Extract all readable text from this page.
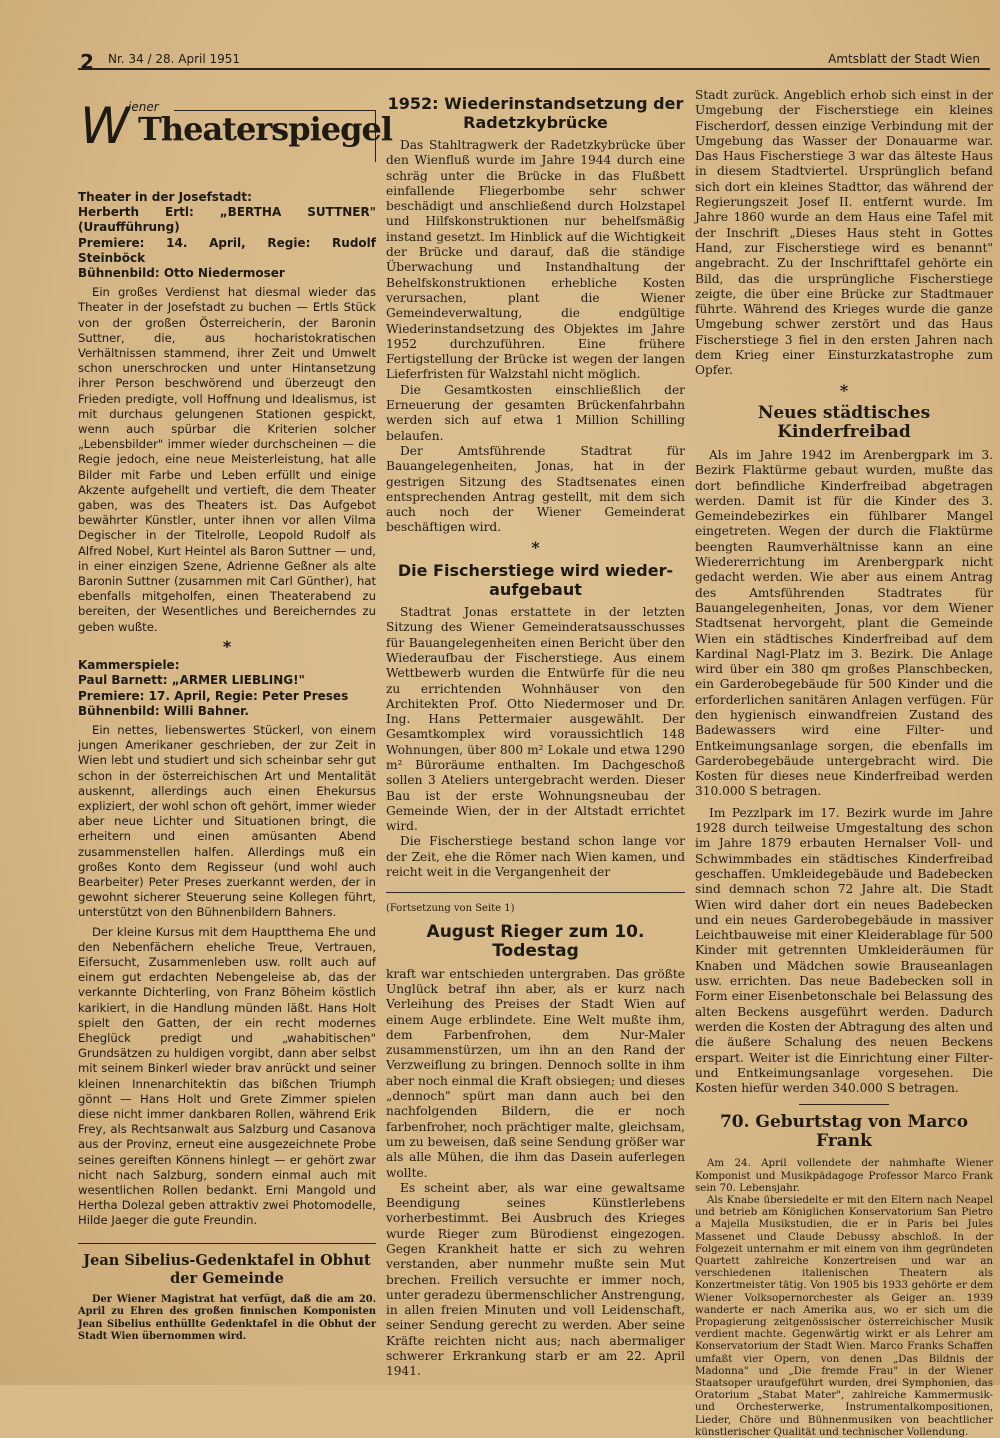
2 Nr. 34 / 28. April 1951	Amtsblatt der Stadt Wien
W
iener
Theaterspiegel

Theater in der Josefstadt:

Herberth Ertl: „BERTHA SUTTNER" (Uraufführung)

Premiere: 14. April, Regie: Rudolf Steinböck

Bühnenbild: Otto Niedermoser

Ein großes Verdienst hat diesmal wieder das Theater in der Josefstadt zu buchen — Ertls Stück von der großen Österreicherin, der Baronin Suttner, die, aus hocharistokratischen Verhältnissen stammend, ihrer Zeit und Umwelt schon unerschrocken und unter Hintansetzung ihrer Person beschwörend und überzeugt den Frieden predigte, voll Hoffnung und Idealismus, ist mit durchaus gelungenen Stationen gespickt, wenn auch spürbar die Kriterien solcher „Lebensbilder" immer wieder durchscheinen — die Regie jedoch, eine neue Meisterleistung, hat alle Bilder mit Farbe und Leben erfüllt und einige Akzente aufgehellt und vertieft, die dem Theater gaben, was des Theaters ist. Das Aufgebot bewährter Künstler, unter ihnen vor allen Vilma Degischer in der Titelrolle, Leopold Rudolf als Alfred Nobel, Kurt Heintel als Baron Suttner — und, in einer einzigen Szene, Adrienne Geßner als alte Baronin Suttner (zusammen mit Carl Günther), hat ebenfalls mitgeholfen, einen Theaterabend zu bereiten, der Wesentliches und Bereicherndes zu geben wußte.

*

Kammerspiele:

Paul Barnett: „ARMER LIEBLING!"

Premiere: 17. April, Regie: Peter Preses

Bühnenbild: Willi Bahner.

Ein nettes, liebenswertes Stückerl, von einem jungen Amerikaner geschrieben, der zur Zeit in Wien lebt und studiert und sich scheinbar sehr gut schon in der österreichischen Art und Mentalität auskennt, allerdings auch einen Ehekursus expliziert, der wohl schon oft gehört, immer wieder aber neue Lichter und Situationen bringt, die erheitern und einen amüsanten Abend zusammenstellen halfen. Allerdings muß ein großes Konto dem Regisseur (und wohl auch Bearbeiter) Peter Preses zuerkannt werden, der in gewohnt sicherer Steuerung seine Kollegen führt, unterstützt von den Bühnenbildern Bahners.

Der kleine Kursus mit dem Hauptthema Ehe und den Nebenfächern eheliche Treue, Vertrauen, Eifersucht, Zusammenleben usw. rollt auch auf einem gut erdachten Nebengeleise ab, das der verkannte Dichterling, von Franz Böheim köstlich karikiert, in die Handlung münden läßt. Hans Holt spielt den Gatten, der ein recht modernes Eheglück predigt und „wahabitischen" Grundsätzen zu huldigen vorgibt, dann aber selbst mit seinem Binkerl wieder brav anrückt und seiner kleinen Innenarchitektin das bißchen Triumph gönnt — Hans Holt und Grete Zimmer spielen diese nicht immer dankbaren Rollen, während Erik Frey, als Rechtsanwalt aus Salzburg und Casanova aus der Provinz, erneut eine ausgezeichnete Probe seines gereiften Könnens hinlegt — er gehört zwar nicht nach Salzburg, sondern einmal auch mit wesentlichen Rollen bedankt. Erni Mangold und Hertha Dolezal geben attraktiv zwei Photomodelle, Hilde Jaeger die gute Freundin.

Jean Sibelius-Gedenktafel in Obhut der Gemeinde

Der Wiener Magistrat hat verfügt, daß die am 20. April zu Ehren des großen finnischen Komponisten Jean Sibelius enthüllte Gedenktafel in die Obhut der Stadt Wien übernommen wird.

1952: Wiederinstandsetzung der Radetzkybrücke

Das Stahltragwerk der Radetzkybrücke über den Wienfluß wurde im Jahre 1944 durch eine schräg unter die Brücke in das Flußbett einfallende Fliegerbombe sehr schwer beschädigt und anschließend durch Holzstapel und Hilfskonstruktionen nur behelfsmäßig instand gesetzt. Im Hinblick auf die Wichtigkeit der Brücke und darauf, daß die ständige Überwachung und Instandhaltung der Behelfskonstruktionen erhebliche Kosten verursachen, plant die Wiener Gemeindeverwaltung, die endgültige Wiederinstandsetzung des Objektes im Jahre 1952 durchzuführen. Eine frühere Fertigstellung der Brücke ist wegen der langen Lieferfristen für Walzstahl nicht möglich.

Die Gesamtkosten einschließlich der Erneuerung der gesamten Brückenfahrbahn werden sich auf etwa 1 Million Schilling belaufen.

Der Amtsführende Stadtrat für Bauangelegenheiten, Jonas, hat in der gestrigen Sitzung des Stadtsenates einen entsprechenden Antrag gestellt, mit dem sich auch noch der Wiener Gemeinderat beschäftigen wird.

*
Die Fischerstiege wird wiederaufgebaut

Stadtrat Jonas erstattete in der letzten Sitzung des Wiener Gemeinderatsausschusses für Bauangelegenheiten einen Bericht über den Wiederaufbau der Fischerstiege. Aus einem Wettbewerb wurden die Entwürfe für die neu zu errichtenden Wohnhäuser von den Architekten Prof. Otto Niedermoser und Dr. Ing. Hans Pettermaier ausgewählt. Der Gesamtkomplex wird voraussichtlich 148 Wohnungen, über 800 m² Lokale und etwa 1290 m² Büroräume enthalten. Im Dachgeschoß sollen 3 Ateliers untergebracht werden. Dieser Bau ist der erste Wohnungsneubau der Gemeinde Wien, der in der Altstadt errichtet wird.

Die Fischerstiege bestand schon lange vor der Zeit, ehe die Römer nach Wien kamen, und reicht weit in die Vergangenheit der

(Fortsetzung von Seite 1)

August Rieger zum 10. Todestag

kraft war entschieden untergraben. Das größte Unglück betraf ihn aber, als er kurz nach Verleihung des Preises der Stadt Wien auf einem Auge erblindete. Eine Welt mußte ihm, dem Farbenfrohen, dem Nur-Maler zusammenstürzen, um ihn an den Rand der Verzweiflung zu bringen. Dennoch sollte in ihm aber noch einmal die Kraft obsiegen; und dieses „dennoch" spürt man dann auch bei den nachfolgenden Bildern, die er noch farbenfroher, noch prächtiger malte, gleichsam, um zu beweisen, daß seine Sendung größer war als alle Mühen, die ihm das Dasein auferlegen wollte.

Es scheint aber, als war eine gewaltsame Beendigung seines Künstlerlebens vorherbestimmt. Bei Ausbruch des Krieges wurde Rieger zum Bürodienst eingezogen. Gegen Krankheit hatte er sich zu wehren verstanden, aber nunmehr mußte sein Mut brechen. Freilich versuchte er immer noch, unter geradezu übermenschlicher Anstrengung, in allen freien Minuten und voll Leidenschaft, seiner Sendung gerecht zu werden. Aber seine Kräfte reichten nicht aus; nach abermaliger schwerer Erkrankung starb er am 22. April 1941.

Stadt zurück. Angeblich erhob sich einst in der Umgebung der Fischerstiege ein kleines Fischerdorf, dessen einzige Verbindung mit der Umgebung das Wasser der Donauarme war. Das Haus Fischerstiege 3 war das älteste Haus in diesem Stadtviertel. Ursprünglich befand sich dort ein kleines Stadttor, das während der Regierungszeit Josef II. entfernt wurde. Im Jahre 1860 wurde an dem Haus eine Tafel mit der Inschrift „Dieses Haus steht in Gottes Hand, zur Fischerstiege wird es benannt" angebracht. Zu der Inschrifttafel gehörte ein Bild, das die ursprüngliche Fischerstiege zeigte, die über eine Brücke zur Stadtmauer führte. Während des Krieges wurde die ganze Umgebung schwer zerstört und das Haus Fischerstiege 3 fiel in den ersten Jahren nach dem Krieg einer Einsturzkatastrophe zum Opfer.

*
Neues städtisches Kinderfreibad

Als im Jahre 1942 im Arenbergpark im 3. Bezirk Flaktürme gebaut wurden, mußte das dort befindliche Kinderfreibad abgetragen werden. Damit ist für die Kinder des 3. Gemeindebezirkes ein fühlbarer Mangel eingetreten. Wegen der durch die Flaktürme beengten Raumverhältnisse kann an eine Wiedererrichtung im Arenbergpark nicht gedacht werden. Wie aber aus einem Antrag des Amtsführenden Stadtrates für Bauangelegenheiten, Jonas, vor dem Wiener Stadtsenat hervorgeht, plant die Gemeinde Wien ein städtisches Kinderfreibad auf dem Kardinal Nagl-Platz im 3. Bezirk. Die Anlage wird über ein 380 qm großes Planschbecken, ein Garderobegebäude für 500 Kinder und die erforderlichen sanitären Anlagen verfügen. Für den hygienisch einwandfreien Zustand des Badewassers wird eine Filter- und Entkeimungsanlage sorgen, die ebenfalls im Garderobegebäude untergebracht wird. Die Kosten für dieses neue Kinderfreibad werden 310.000 S betragen.

Im Pezzlpark im 17. Bezirk wurde im Jahre 1928 durch teilweise Umgestaltung des schon im Jahre 1879 erbauten Hernalser Voll- und Schwimmbades ein städtisches Kinderfreibad geschaffen. Umkleidegebäude und Badebecken sind demnach schon 72 Jahre alt. Die Stadt Wien wird daher dort ein neues Badebecken und ein neues Garderobegebäude in massiver Leichtbauweise mit einer Kleiderablage für 500 Kinder mit getrennten Umkleideräumen für Knaben und Mädchen sowie Brauseanlagen usw. errichten. Das neue Badebecken soll in Form einer Eisenbetonschale bei Belassung des alten Beckens ausgeführt werden. Dadurch werden die Kosten der Abtragung des alten und die äußere Schalung des neuen Beckens erspart. Weiter ist die Einrichtung einer Filter- und Entkeimungsanlage vorgesehen. Die Kosten hiefür werden 340.000 S betragen.

70. Geburtstag von Marco Frank

Am 24. April vollendete der nahmhafte Wiener Komponist und Musikpädagoge Professor Marco Frank sein 70. Lebensjahr.

Als Knabe übersiedelte er mit den Eltern nach Neapel und betrieb am Königlichen Konservatorium San Pietro a Majella Musikstudien, die er in Paris bei Jules Massenet und Claude Debussy abschloß. In der Folgezeit unternahm er mit einem von ihm gegründeten Quartett zahlreiche Konzertreisen und war an verschiedenen italienischen Theatern als Konzertmeister tätig. Von 1905 bis 1933 gehörte er dem Wiener Volksopernorchester als Geiger an. 1939 wanderte er nach Amerika aus, wo er sich um die Propagierung zeitgenössischer österreichischer Musik verdient machte. Gegenwärtig wirkt er als Lehrer am Konservatorium der Stadt Wien. Marco Franks Schaffen umfaßt vier Opern, von denen „Das Bildnis der Madonna" und „Die fremde Frau" in der Wiener Staatsoper uraufgeführt wurden, drei Symphonien, das Oratorium „Stabat Mater", zahlreiche Kammermusik- und Orchesterwerke, Instrumentalkompositionen, Lieder, Chöre und Bühnenmusiken von beachtlicher künstlerischer Qualität und technischer Vollendung.
